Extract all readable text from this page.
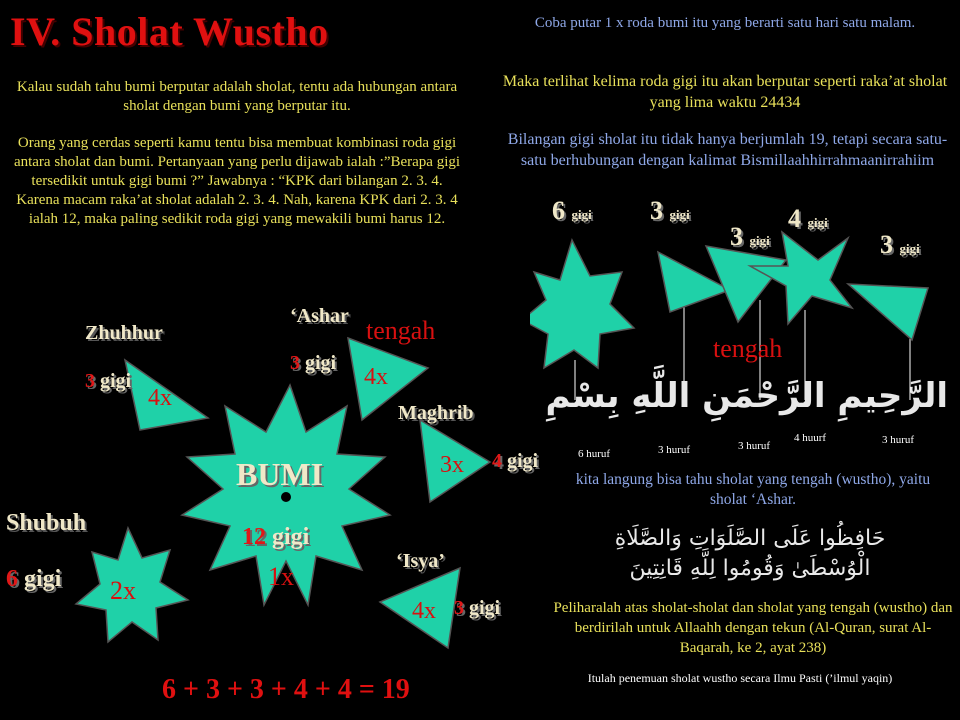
IV. Sholat Wustho
Kalau sudah tahu bumi berputar adalah sholat, tentu ada hubungan antara sholat dengan bumi yang berputar itu.
Orang yang cerdas seperti kamu tentu bisa membuat kombinasi roda gigi antara sholat dan bumi. Pertanyaan yang perlu dijawab ialah :”Berapa gigi tersedikit untuk gigi bumi ?” Jawabnya : “KPK dari bilangan 2. 3. 4. Karena macam raka’at sholat adalah 2. 3. 4. Nah, karena KPK dari 2. 3. 4 ialah 12, maka paling sedikit roda gigi yang mewakili bumi harus 12.
Coba putar 1 x roda bumi itu yang berarti satu hari satu malam.
Maka terlihat kelima roda gigi itu akan berputar seperti raka’at sholat yang lima waktu 24434
Bilangan gigi sholat itu tidak hanya berjumlah 19, tetapi secara satu-satu berhubungan dengan kalimat Bismillaahhirrahmaanirrahiim
Zhuhhur
3 gigi
4x
‘Ashar tengah
3 gigi
4x
Maghrib
3x 4 gigi
BUMI
12 gigi
1x
Shubuh
6 gigi 2x
‘Isya’
4x 3 gigi
6 + 3 + 3 + 4 + 4 = 19
6 gigi 3 gigi
3 gigi
4 gigi
3 gigi
tengah
الرَّحِيمِ الرَّحْمَنِ اللَّهِ بِسْمِ
6 huruf	3 huruf	3 huruf
4 huurf	3 huruf
kita langung bisa tahu sholat yang tengah (wustho), yaitu sholat ‘Ashar.
حَافِظُوا عَلَى الصَّلَوَاتِ وَالصَّلَاةِ
الْوُسْطَىٰ وَقُومُوا لِلَّهِ قَانِتِينَ
Peliharalah atas sholat-sholat dan sholat yang tengah (wustho) dan berdirilah untuk Allaahh dengan tekun (Al-Quran, surat Al-Baqarah, ke 2, ayat 238)
Itulah penemuan sholat wustho secara Ilmu Pasti (’ilmul yaqin)
